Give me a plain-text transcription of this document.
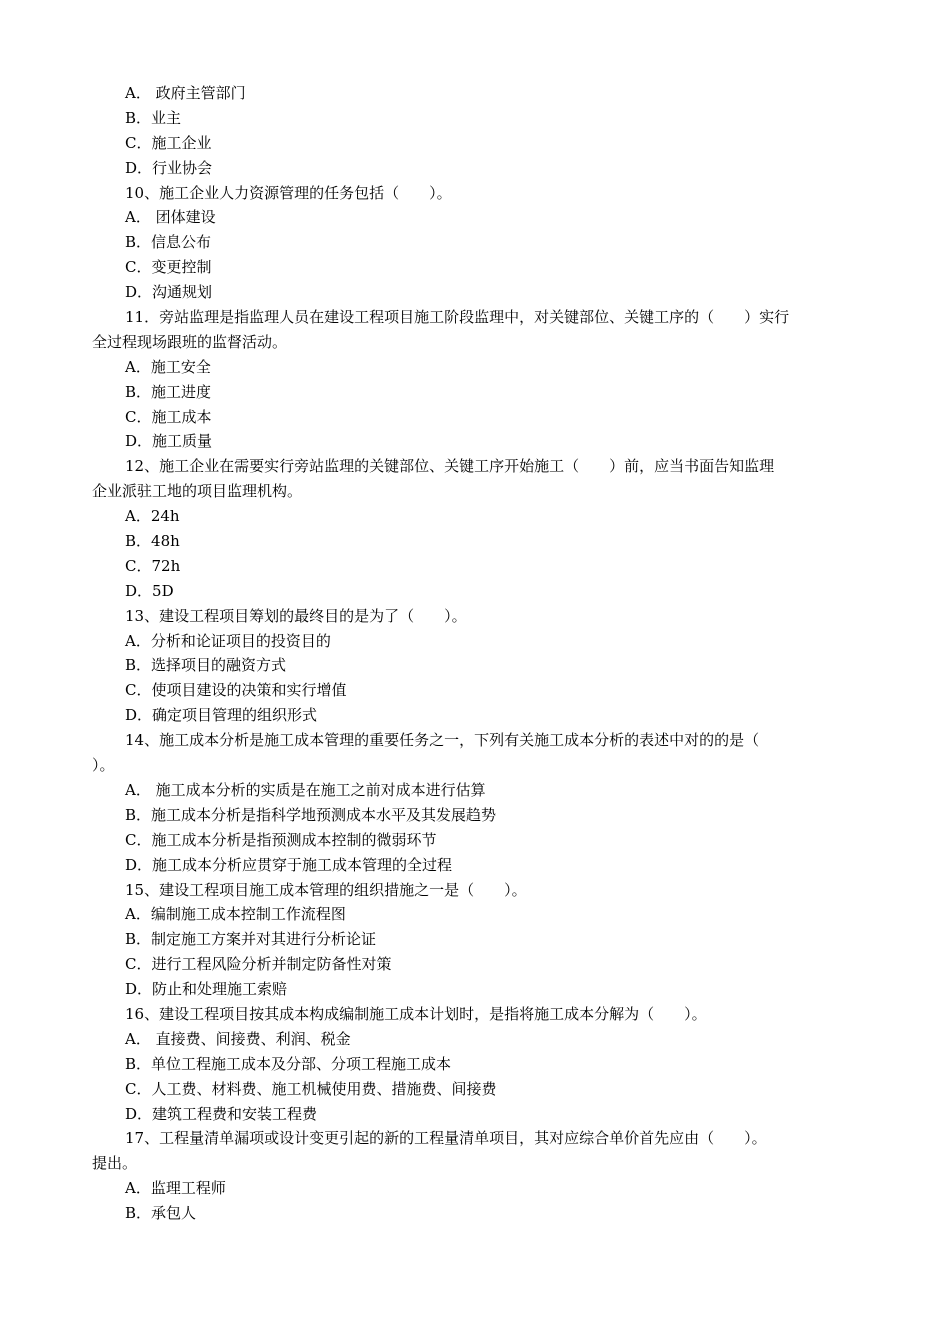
A． 政府主管部门
B．业主
C．施工企业
D．行业协会
10、施工企业人力资源管理的任务包括（　　）。
A． 团体建设
B．信息公布
C．变更控制
D．沟通规划
11．旁站监理是指监理人员在建设工程项目施工阶段监理中，对关键部位、关键工序的（　　）实行
全过程现场跟班的监督活动。
A．施工安全
B．施工进度
C．施工成本
D．施工质量
12、施工企业在需要实行旁站监理的关键部位、关键工序开始施工（　　）前，应当书面告知监理
企业派驻工地的项目监理机构。
A．24h
B．48h
C．72h
D．5D
13、建设工程项目筹划的最终目的是为了（　　）。
A．分析和论证项目的投资目的
B．选择项目的融资方式
C．使项目建设的决策和实行增值
D．确定项目管理的组织形式
14、施工成本分析是施工成本管理的重要任务之一，下列有关施工成本分析的表述中对的的是（
）。
A． 施工成本分析的实质是在施工之前对成本进行估算
B．施工成本分析是指科学地预测成本水平及其发展趋势
C．施工成本分析是指预测成本控制的微弱环节
D．施工成本分析应贯穿于施工成本管理的全过程
15、建设工程项目施工成本管理的组织措施之一是（　　）。
A．编制施工成本控制工作流程图
B．制定施工方案并对其进行分析论证
C．进行工程风险分析并制定防备性对策
D．防止和处理施工索赔
16、建设工程项目按其成本构成编制施工成本计划时，是指将施工成本分解为（　　）。
A． 直接费、间接费、利润、税金
B．单位工程施工成本及分部、分项工程施工成本
C．人工费、材料费、施工机械使用费、措施费、间接费
D．建筑工程费和安装工程费
17、工程量清单漏项或设计变更引起的新的工程量清单项目，其对应综合单价首先应由（　　）。
提出。
A．监理工程师
B．承包人
